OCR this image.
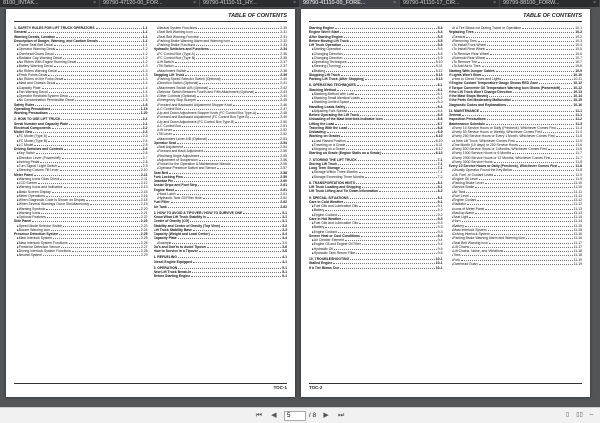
8100_INTAK...	× 99790-47120-00_FOR...	× 99790-41110-11_HY...	× 99790-41110-00_FORE...	× 99790-41110-17_CIR...	× 99799-88100_FORW...	×
TABLE OF CONTENTS
1. SAFETY RULES FOR LIFT TRUCK OPERATORS	1-1
General	1-1
Warning Decals, Location	1-1
Description of Danger, Warning, and Caution Decals	1-1
▸ Frame Seat Belt Decal	1-1
▸ Operator Warning Decal	1-2
▸ Overhead Guard Decal	1-2
▸ Radiator Cap Warning Decal	1-2
▸ No Riders With Engine Running Decal	1-2
▸ Battery Warning Decal	1-3
▸ No Riders Warning Decal	1-3
▸ Pinch Points Decal	1-3
▸ No Riders on the Forks Decal	1-3
▸ Mast and Chassis Decal	1-4
▸ Capacity Plate	1-4
▸ Fan Warning Decal	1-4
▸ Operator Restraint System Decal	1-5
▸ No Contamination Permissible Decal	1-5
Safety Rules	1-6
Operating Precautions	1-15
Working Precautions	1-20
2. HOW TO USE LIFT TRUCK	2-1
Serial Number and Capacity Plate	2-1
Electrical Components	2-2
Model View	2-3
▸ FC Model (Type A)	2-3
▸ FC Model (Type B)	2-4
▸ LC Model	2-5
Driving Switches and Controls	2-6
▸ Key Switch	2-6
▸ Direction Lever (Powershift)	2-7
▸ Inching Pedal	2-8
▸ Turn Signal / Light Switch	2-9
▸ Steering Column Tilt Lever	2-10
Meter Panel	2-11
▸ Warning Icons Glow Check	2-11
▸ LCD Screen	2-12
▸ Warning Icons and Indicators	2-13
▸ Basic Screen Display	2-15
▸ Meter Operations	2-16
▸ When Diagnostic Code Is Shown on Display	2-18
▸ When Several Warnings Occur Simultaneously	2-19
▸ Warning Symbols	2-20
▸ Warning Icons	2-21
▸ Optional Features	2-22
Side Panel	2-23
▸ Speed Mode Selector Switch	2-23
▸ Buzzer Warning Icon	2-24
Presence Detection System	2-25
▸ Mast Interlock System	2-25
▸ Mast Interlock System Functions	2-26
▸ Presence Detection Sensor	2-27
▸ Driving Interlock System Functions	2-28
▸ Neutral System	2-29
▸ Neutral System Functions	2-30
▸ Seat Belt Warning Icon	2-31
▸ Seat Belt Warning Function	2-31
▸ Parking Brake Warning Alarm and Warning Icon	2-32
▸ Parking Brake Functions	2-33
Hydraulic Switches and Functions	2-34
▸ FC Control Box (Type A)	2-35
▸ FC Control Box (Type B)	2-36
▸ Lift Switch	2-37
▸ Tilt Switch	2-37
▸ Attachment Switch	2-38
Stopping Lift Truck	2-39
▸ Parking Speed Selector Switch (Optional)	2-40
▸ Direction Switch (Optional)	2-41
▸ Attachment Switch A/B (Optional)	2-42
▸ Selector Switch Between Fourth and Fifth Attachment (Optional)	2-43
▸ Other Controls (Optional)	2-44
▸ Emergency Stop Bumper	2-45
▸ Forward and Backward Adjustment Stopper Knob	2-46
▸ LC Control Box	2-47
▸ Up and Down Adjustment Stopper Knob (FC Control Box Type-A)	2-48
▸ Forward and Backward Adjustment (FC Control Box Type-B)	2-49
▸ Up and Down Adjustment (FC Control Box Type-B)	2-50
▸ LC Control Box	2-51
▸ Lift Lever	2-52
▸ Tilt Lever	2-52
▸ Attachment Lever A/B (Optional)	2-53
Operator Seat	2-54
▸ Seat Adjustment	2-54
▸ Forward and Back Adjustment	2-55
▸ Reclining Angle Adjustment	2-55
▸ Adjustment of Suspension	2-56
▸ Pocket for the Operation & Maintenance Manual	2-56
▸ Operator Presence Switch and Sensor	2-57
Seat Belt	2-58
Fork Locking Pins	2-59
Drawbar Pin	2-60
Assist Grips and Foot Step	2-61
Engine Hood	2-61
▸ Hood Latch	2-61
▸ Hydraulic Tank Oil Filler Hole	2-62
Fuel Filler	2-62
Air Tank	2-62
3. HOW TO AVOID A TIPOVER / HOW TO SURVIVE ONE	3-1
Know What Lift Truck Stability Is	3-1
Center of Gravity (CG)	3-1
Stability and Center of Gravity (Top View)	3-2
Lift Truck Stability Base	3-3
Capacity (Weight and Load Center)	3-4
Capacity Plate	3-4
▸ Example	3-5
Do's and Don'ts to Avoid Tipover	3-6
How to Survive in a Tipover	3-8
4. REFUELING	4-1
Diesel Engine Equipped	4-1
5. OPERATION	5-1
New Lift Truck Break-In	5-1
Before Starting Engine	5-1
TOC-1
TABLE OF CONTENTS
Starting Engine	5-3
Engine Won't Start	5-4
After Starting Engine	5-5
Before Moving Lift Truck	5-5
Lift Truck Operation	5-6
▸ Starting Operation	5-6
▸ Changing Direction	5-8
▸ Changing Direction	5-9
▸ Operating Techniques	5-10
▸ Steering (Turning)	5-11
▸ Braking	5-12
Stopping Lift Truck	5-13
Parking Lift Truck (After Stopping)	5-13
6. OPERATING TECHNIQUES	6-1
Stacking Method	6-1
▸ Stacking Method with Load	6-1
▸ Stacking Small Identical Loads	6-2
▸ Stacking Limited Space	6-3
Handling Loads Safely	6-4
▸ Adjusting Fork Spread	6-4
Before Operating the Lift Truck	6-5
Unloading of the Mast Interlock Indicator Icon	6-6
Lifting the Load	6-7
Traveling With the Load	6-8
Unloading	6-9
Working on Grades	6-10
▸ Load Raised Position	6-10
▸ Traveling on a Grade	6-11
▸ Stopping on a Grade	6-12
Starting on Grade (Engine Stalls on a Grade)	6-13
7. STORING THE LIFT TRUCK	7-1
Storing Lift Truck	7-1
Long Term Storage	7-1
▸ Storage Within Three Months	7-1
▸ Storage Exceeding Three Months	7-2
8. TRANSPORTATION HINTS	8-1
Lift Truck Loading and Shipping	8-1
Lift Truck Lifting and Tie Down Information	8-2
9. SPECIAL SITUATIONS	9-1
Care in Cold Weather	9-1
▸ Fuel Oils and Lubrication Oils	9-1
▸ Battery	9-2
▸ Engine Coolant	9-2
Care in Hot Weather	9-3
▸ Fuel Oils and Lubrication Oils	9-3
▸ Battery	9-3
▸ Engine Coolant	9-3
Severe Heat or Cool Conditions	9-4
▸ Air Cleaner Element	9-4
▸ Engine Oil and Engine Oil Filter	9-4
▸ Hydraulic Oil	9-5
▸ Hydraulic Tank Return Filter	9-5
10. TROUBLESHOOTING	10-1
Stalled Engine	10-1
If a Tire Blows Out	10-1
▸ If a Tire Blows out During Travel or Operation	10-1
Replacing Tires	10-2
▸ General	10-2
▸ Removing Tires	10-3
▸ To Install Front Wheel	10-4
▸ To Install Rear Wheel	10-5
▸ To Remove Rear Wheel	10-6
▸ Solenoid Rear Wheel	10-7
▸ To Remove Tire	10-7
▸ To Add Air to Tires	10-8
Starting With Jumper Cables	10-9
If Lights Won't Glow	10-10
▸ How to Check Fuses and Lights	10-11
If Engine Coolant Temperature Gauge Shows RED Zone	10-12
If Torque Converter Oil Temperature Warning Icon Glows (Powershift)	10-12
If the Lift Truck Won't Change Direction	10-13
If the Mast Stops Moving	10-14
If the Parts Get Moderately Malfunction	10-15
Diagnostic Codes and Explanations	10-16
11. MAINTENANCE	11-1
General	11-1
Inspection Precautions	11-2
Maintenance Schedule	11-3
▸ Every 10 Service Hours or Daily (Precheck), Whichever Comes First	11-3
▸ Every 50 Service Hours or Weekly, Whichever Comes First	11-4
▸ Every 250 Service Hours or Every 1 Month, Whichever Comes First	11-5
▸ a New Lift Truck, Whichever Comes First	11-5
▸ One Month (10 days) or 200 Service Hours	11-6
▸ Every 500 Service Hours or 3 Months, Whichever Comes First	11-6
▸ Every 1000 Service Hours or 6 Months	11-7
▸ Every 2000 Service Hours or 12 Months, Whichever Comes First	11-7
▸ Every 3000 Service Hours	11-8
Every 10 Service Hours or Daily (Precheck), Whichever Comes First	11-8
▸ Visually Operator Found the Key Below	11-8
▸ Oil, Fuel, or Coolant Leaks	11-9
▸ Engine Oil Level	11-9
▸ Parking Brake Lever	11-10
▸ Service Brake	11-10
▸ Air Tank	11-11
▸ Fuel Level	11-11
▸ Engine Coolant	11-12
▸ Radiator	11-12
▸ Icons of Meter Panel	11-13
▸ Backup Alarm	11-13
▸ Seat Light	11-14
▸ Horn	11-14
▸ Battery	11-15
▸ Mast Interlock System	11-15
▸ Driving Interlock System	11-16
▸ Parking Brake Warning Alarm and Warning Icon	11-16
▸ Seat Belt Warning Icon	11-17
▸ Lift Chains	11-17
▸ Lift Chains, Noise, and Vibrations	11-18
▸ Tires	11-18
▸ Fork	11-19
▸ Overhead Guard	11-19
TOC-2
⏮	◀
5	/ 8	▶	⏭	▯	▯▯ ⇔
